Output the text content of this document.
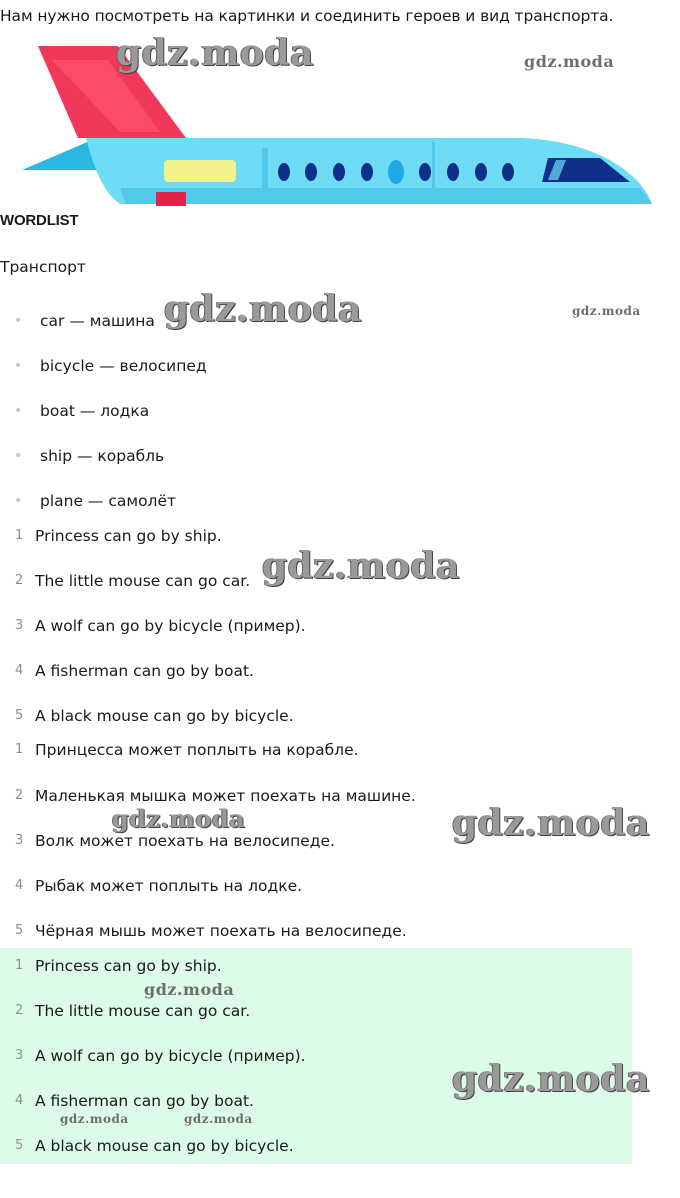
Нам нужно посмотреть на картинки и соединить героев и вид транспорта.
WORDLIST
Транспорт
• car — машина
• bicycle — велосипед
• boat — лодка
• ship — корабль
• plane — самолёт
1 Princess can go by ship.
2 The little mouse can go car.
3 A wolf can go by bicycle (пример).
4 A fisherman can go by boat.
5 A black mouse can go by bicycle.
1 Принцесса может поплыть на корабле.
2 Маленькая мышка может поехать на машине.
3 Волк может поехать на велосипеде.
4 Рыбак может поплыть на лодке.
5 Чёрная мышь может поехать на велосипеде.
1 Princess can go by ship.
2 The little mouse can go car.
3 A wolf can go by bicycle (пример).
4 A fisherman can go by boat.
5 A black mouse can go by bicycle.
gdz.moda	gdz.moda
gdz.moda	gdz.moda
gdz.moda
gdz.moda	gdz.moda
gdz.moda
gdz.moda
gdz.moda	gdz.moda
